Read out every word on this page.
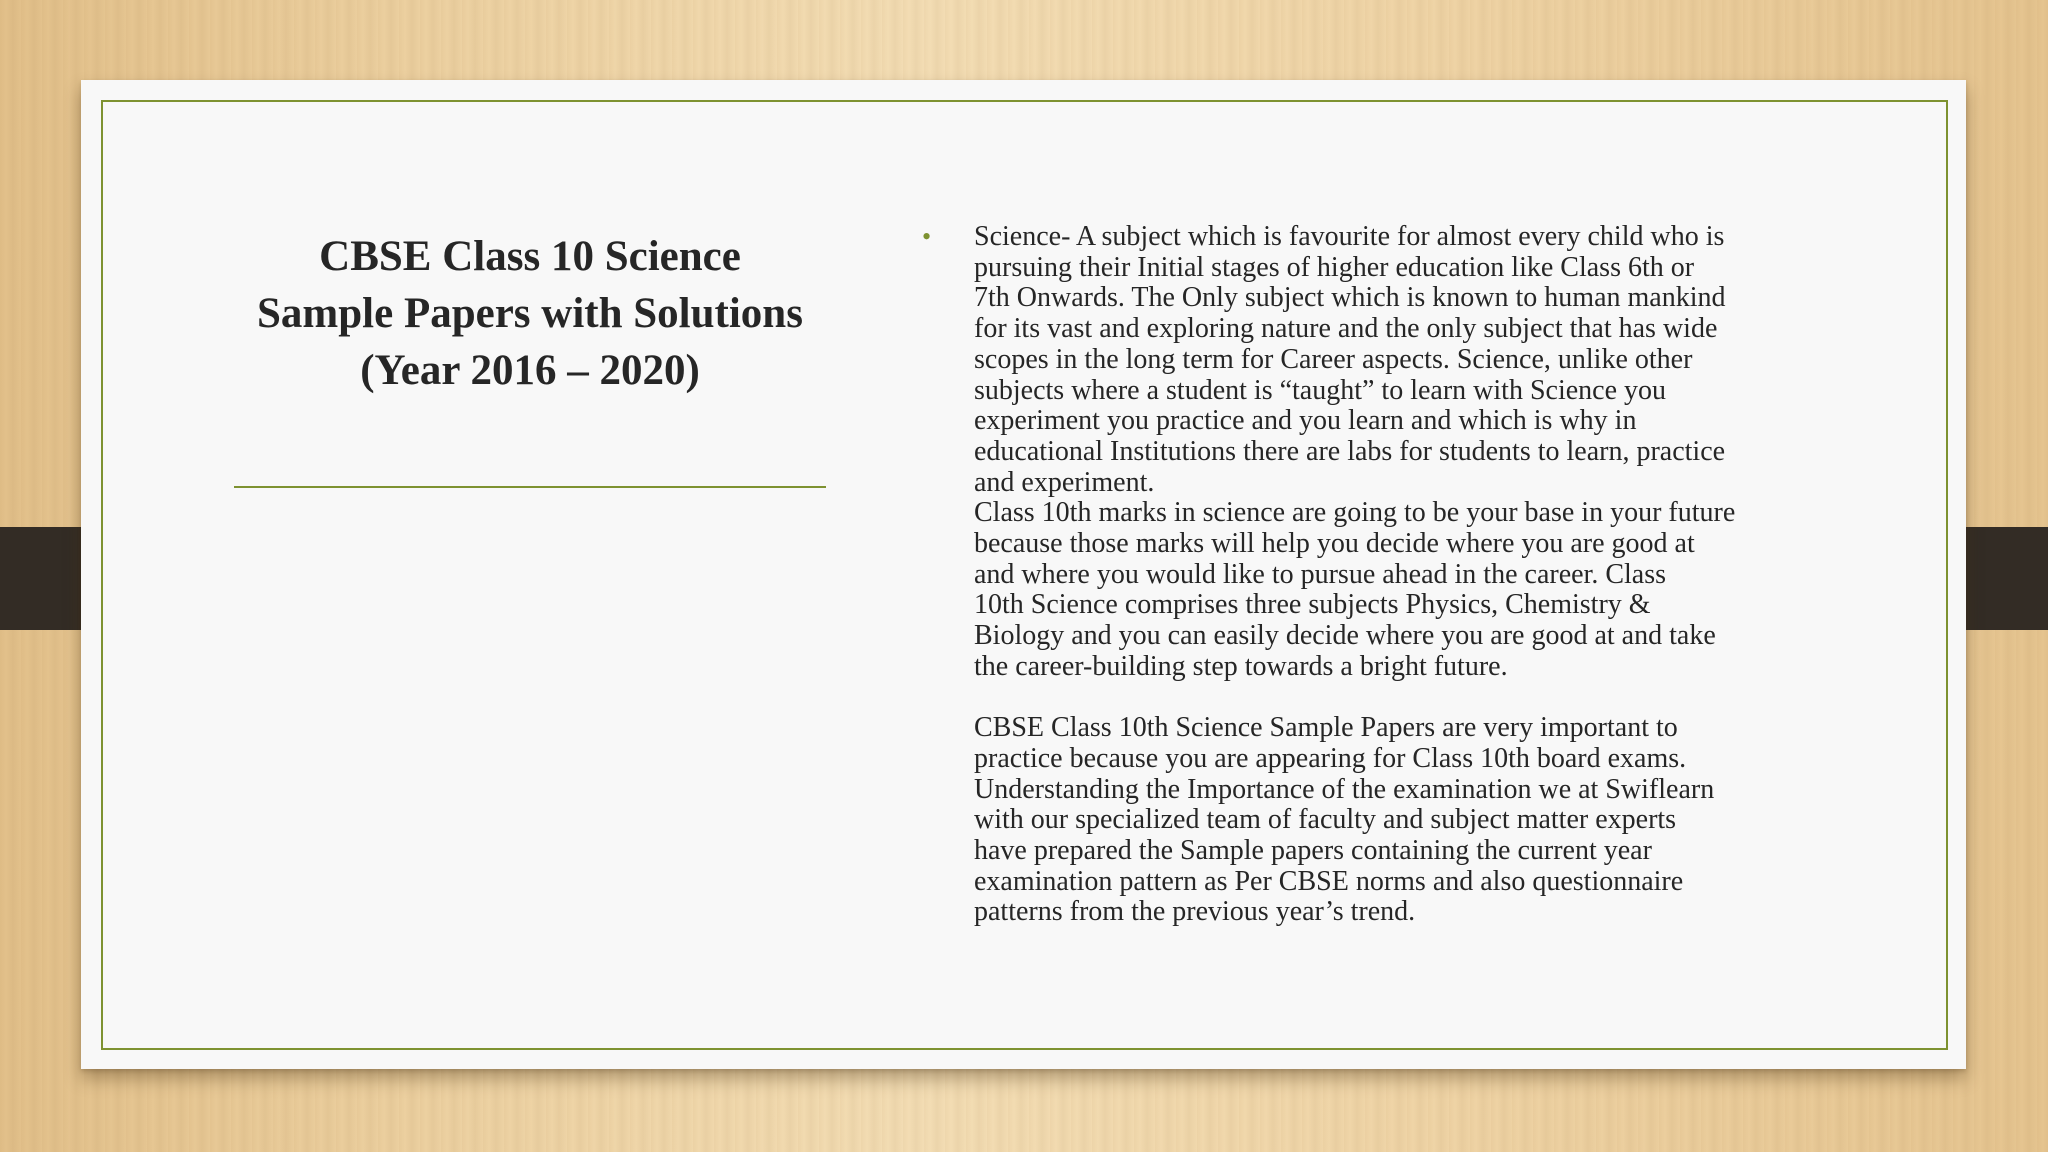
CBSE Class 10 Science
Sample Papers with Solutions
(Year 2016 – 2020)
• Science- A subject which is favourite for almost every child who is
pursuing their Initial stages of higher education like Class 6th or
7th Onwards. The Only subject which is known to human mankind
for its vast and exploring nature and the only subject that has wide
scopes in the long term for Career aspects. Science, unlike other
subjects where a student is “taught” to learn with Science you
experiment you practice and you learn and which is why in
educational Institutions there are labs for students to learn, practice
and experiment.
Class 10th marks in science are going to be your base in your future
because those marks will help you decide where you are good at
and where you would like to pursue ahead in the career. Class
10th Science comprises three subjects Physics, Chemistry &
Biology and you can easily decide where you are good at and take
the career-building step towards a bright future.
CBSE Class 10th Science Sample Papers are very important to
practice because you are appearing for Class 10th board exams.
Understanding the Importance of the examination we at Swiflearn
with our specialized team of faculty and subject matter experts
have prepared the Sample papers containing the current year
examination pattern as Per CBSE norms and also questionnaire
patterns from the previous year’s trend.
